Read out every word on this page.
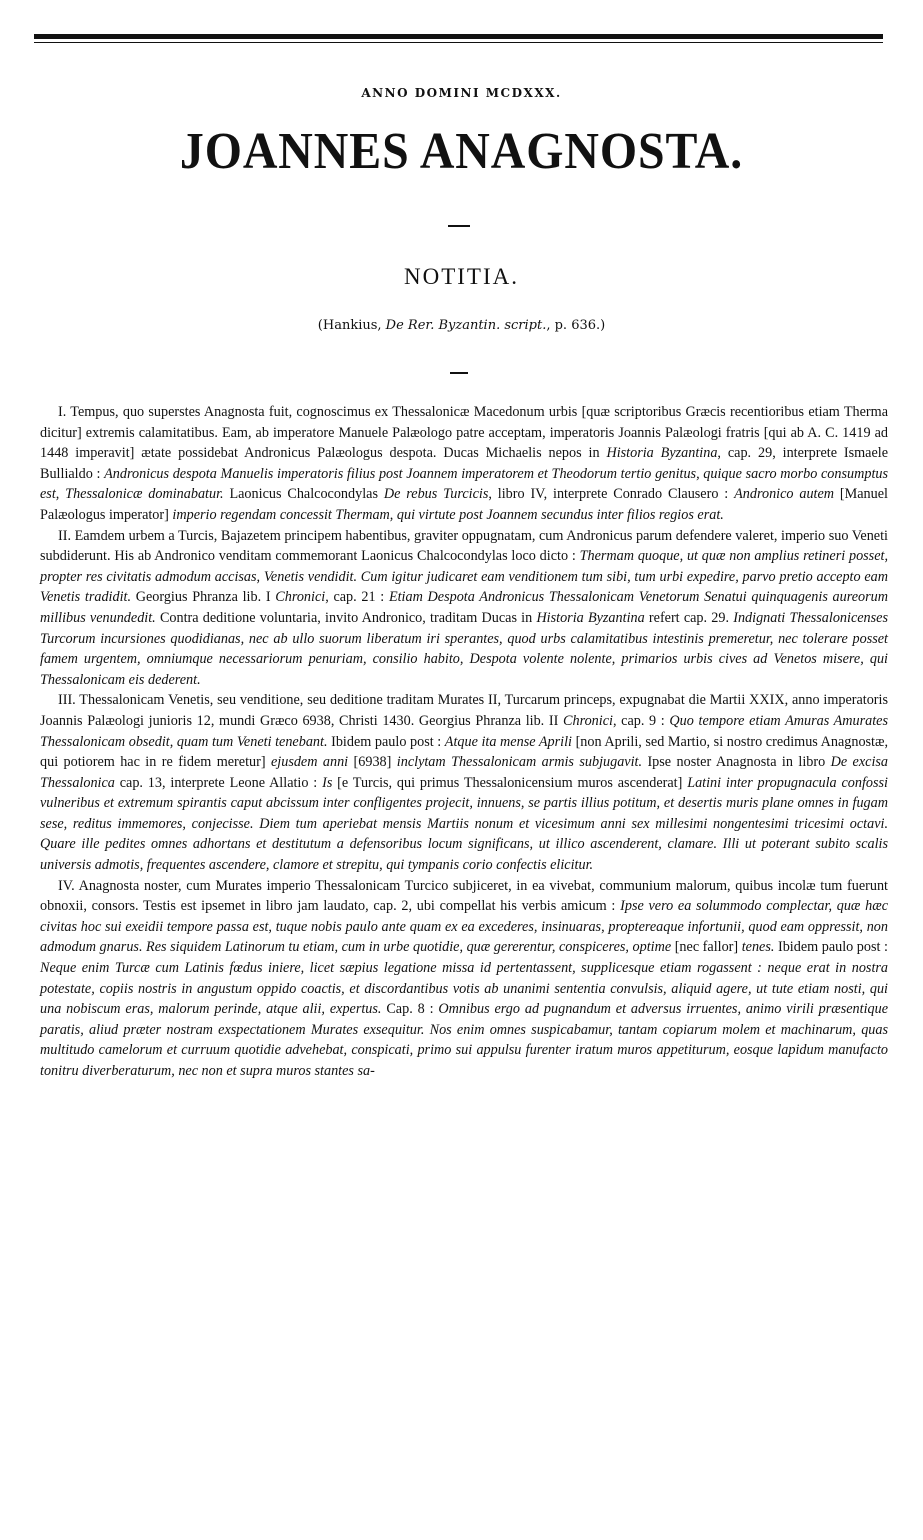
ANNO DOMINI MCDXXX.
JOANNES ANAGNOSTA.
NOTITIA.
(Hankius, De Rer. Byzantin. script., p. 636.)

I. Tempus, quo superstes Anagnosta fuit, cognoscimus ex Thessalonicæ Macedonum urbis [quæ scriptoribus Græcis recentioribus etiam Therma dicitur] extremis calamitatibus. Eam, ab imperatore Manuele Palæologo patre acceptam, imperatoris Joannis Palæologi fratris [qui ab A. C. 1419 ad 1448 imperavit] ætate possidebat Andronicus Palæologus despota. Ducas Michaelis nepos in Historia Byzantina, cap. 29, interprete Ismaele Bullialdo : Andronicus despota Manuelis imperatoris filius post Joannem imperatorem et Theodorum tertio genitus, quique sacro morbo consumptus est, Thessalonicæ dominabatur. Laonicus Chalcocondylas De rebus Turcicis, libro IV, interprete Conrado Clausero : Andronico autem [Manuel Palæologus imperator] imperio regendam concessit Thermam, qui virtute post Joannem secundus inter filios regios erat.

II. Eamdem urbem a Turcis, Bajazetem principem habentibus, graviter oppugnatam, cum Andronicus parum defendere valeret, imperio suo Veneti subdiderunt. His ab Andronico venditam commemorant Laonicus Chalcocondylas loco dicto : Thermam quoque, ut quæ non amplius retineri posset, propter res civitatis admodum accisas, Venetis vendidit. Cum igitur judicaret eam venditionem tum sibi, tum urbi expedire, parvo pretio accepto eam Venetis tradidit. Georgius Phranza lib. I Chronici, cap. 21 : Etiam Despota Andronicus Thessalonicam Venetorum Senatui quinquagenis aureorum millibus venundedit. Contra deditione voluntaria, invito Andronico, traditam Ducas in Historia Byzantina refert cap. 29. Indignati Thessalonicenses Turcorum incursiones quodidianas, nec ab ullo suorum liberatum iri sperantes, quod urbs calamitatibus intestinis premeretur, nec tolerare posset famem urgentem, omniumque necessariorum penuriam, consilio habito, Despota volente nolente, primarios urbis cives ad Venetos misere, qui Thessalonicam eis dederent.

III. Thessalonicam Venetis, seu venditione, seu deditione traditam Murates II, Turcarum princeps, expugnabat die Martii XXIX, anno imperatoris Joannis Palæologi junioris 12, mundi Græco 6938, Christi 1430. Georgius Phranza lib. II Chronici, cap. 9 : Quo tempore etiam Amuras Amurates Thessalonicam obsedit, quam tum Veneti tenebant. Ibidem paulo post : Atque ita mense Aprili [non Aprili, sed Martio, si nostro credimus Anagnostæ, qui potiorem hac in re fidem meretur] ejusdem anni [6938] inclytam Thessalonicam armis subjugavit. Ipse noster Anagnosta in libro De excisa Thessalonica cap. 13, interprete Leone Allatio : Is [e Turcis, qui primus Thessalonicensium muros ascenderat] Latini inter propugnacula confossi vulneribus et extremum spirantis caput abcissum inter confligentes projecit, innuens, se partis illius potitum, et desertis muris plane omnes in fugam sese, reditus immemores, conjecisse. Diem tum aperiebat mensis Martiis nonum et vicesimum anni sex millesimi nongentesimi tricesimi octavi. Quare ille pedites omnes adhortans et destitutum a defensoribus locum significans, ut illico ascenderent, clamare. Illi ut poterant subito scalis universis admotis, frequentes ascendere, clamore et strepitu, qui tympanis corio confectis elicitur.

IV. Anagnosta noster, cum Murates imperio Thessalonicam Turcico subjiceret, in ea vivebat, communium malorum, quibus incolæ tum fuerunt obnoxii, consors. Testis est ipsemet in libro jam laudato, cap. 2, ubi compellat his verbis amicum : Ipse vero ea solummodo complectar, quæ hæc civitas hoc sui exeidii tempore passa est, tuque nobis paulo ante quam ex ea excederes, insinuaras, proptereaque infortunii, quod eam oppressit, non admodum gnarus. Res siquidem Latinorum tu etiam, cum in urbe quotidie, quæ gererentur, conspiceres, optime [nec fallor] tenes. Ibidem paulo post : Neque enim Turcæ cum Latinis fœdus iniere, licet sæpius legatione missa id pertentassent, supplicesque etiam rogassent : neque erat in nostra potestate, copiis nostris in angustum oppido coactis, et discordantibus votis ab unanimi sententia convulsis, aliquid agere, ut tute etiam nosti, qui una nobiscum eras, malorum perinde, atque alii, expertus. Cap. 8 : Omnibus ergo ad pugnandum et adversus irruentes, animo virili præsentique paratis, aliud præter nostram exspectationem Murates exsequitur. Nos enim omnes suspicabamur, tantam copiarum molem et machinarum, quas multitudo camelorum et curruum quotidie advehebat, conspicati, primo sui appulsu furenter iratum muros appetiturum, eosque lapidum manufacto tonitru diverberaturum, nec non et supra muros stantes sa-
